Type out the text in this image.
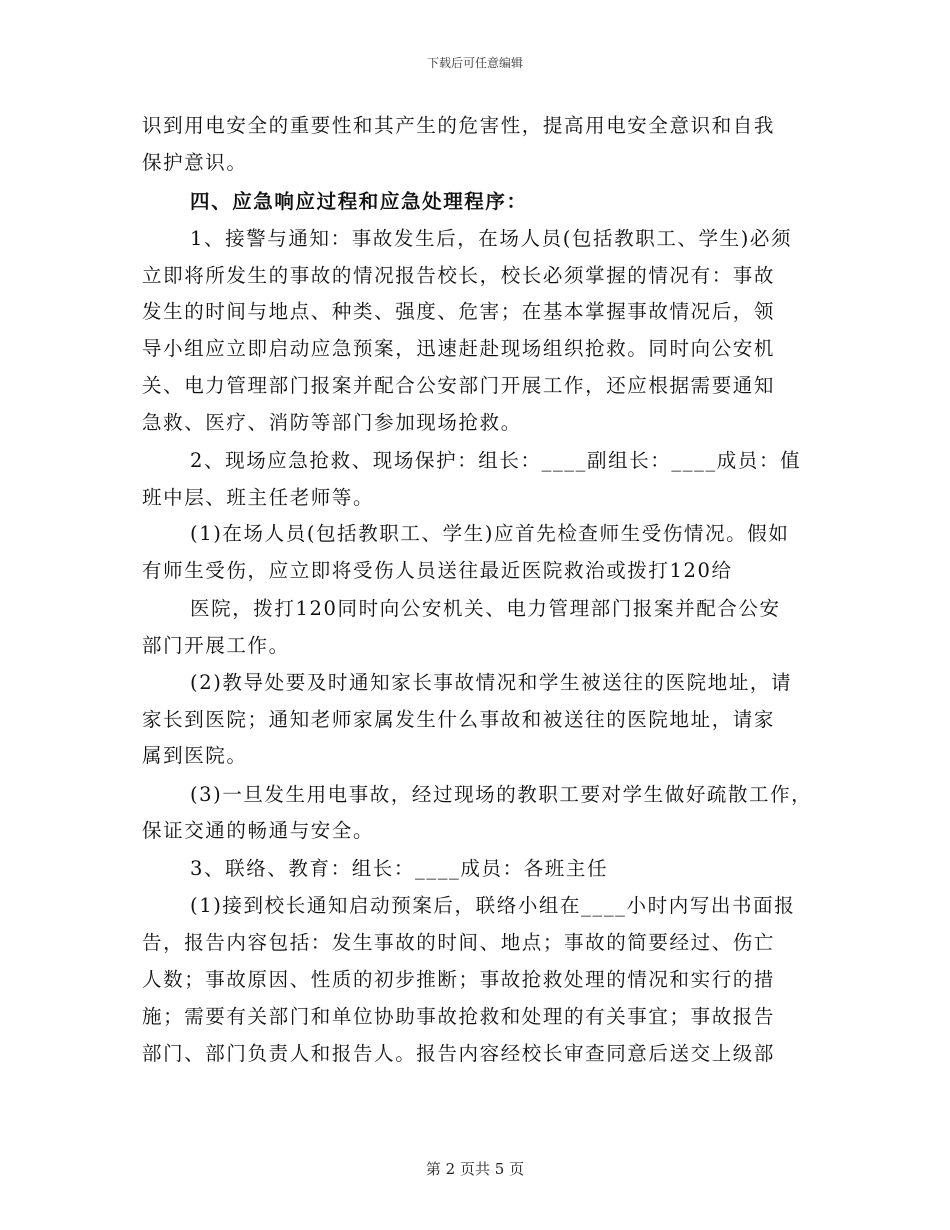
下载后可任意编辑
识到用电安全的重要性和其产生的危害性，提高用电安全意识和自我
保护意识。
四、应急响应过程和应急处理程序：
1、接警与通知：事故发生后，在场人员(包括教职工、学生)必须
立即将所发生的事故的情况报告校长，校长必须掌握的情况有：事故
发生的时间与地点、种类、强度、危害；在基本掌握事故情况后，领
导小组应立即启动应急预案，迅速赶赴现场组织抢救。同时向公安机
关、电力管理部门报案并配合公安部门开展工作，还应根据需要通知
急救、医疗、消防等部门参加现场抢救。
2、现场应急抢救、现场保护：组长：____副组长：____成员：值
班中层、班主任老师等。
(1)在场人员(包括教职工、学生)应首先检查师生受伤情况。假如
有师生受伤，应立即将受伤人员送往最近医院救治或拨打120给
医院，拨打120同时向公安机关、电力管理部门报案并配合公安
部门开展工作。
(2)教导处要及时通知家长事故情况和学生被送往的医院地址，请
家长到医院；通知老师家属发生什么事故和被送往的医院地址，请家
属到医院。
(3)一旦发生用电事故，经过现场的教职工要对学生做好疏散工作，
保证交通的畅通与安全。
3、联络、教育：组长：____成员：各班主任
(1)接到校长通知启动预案后，联络小组在____小时内写出书面报
告，报告内容包括：发生事故的时间、地点；事故的简要经过、伤亡
人数；事故原因、性质的初步推断；事故抢救处理的情况和实行的措
施；需要有关部门和单位协助事故抢救和处理的有关事宜；事故报告
部门、部门负责人和报告人。报告内容经校长审查同意后送交上级部
第 2 页共 5 页
